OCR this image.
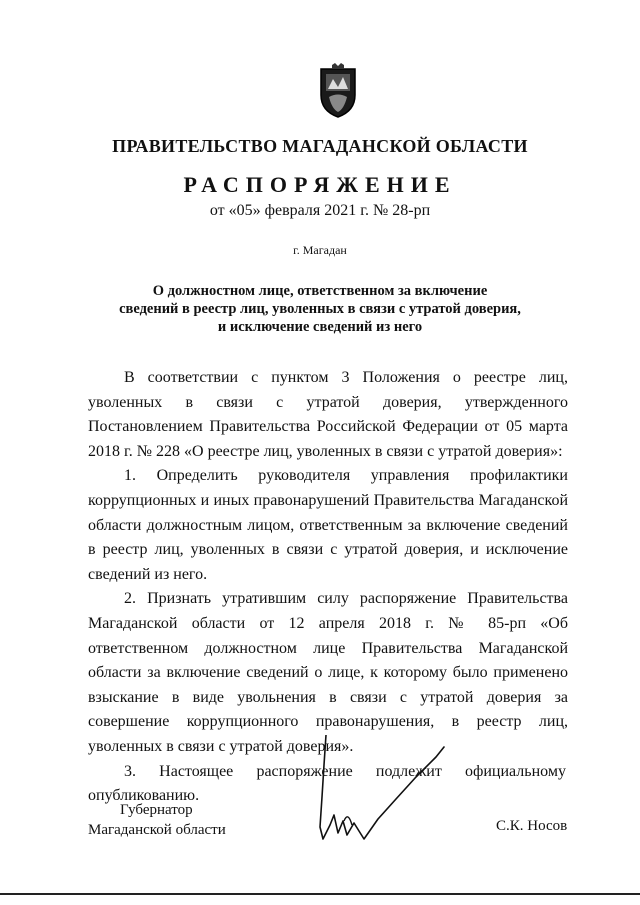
ПРАВИТЕЛЬСТВО МАГАДАНСКОЙ ОБЛАСТИ
РАСПОРЯЖЕНИЕ
от «05» февраля 2021 г. № 28-рп
г. Магадан
О должностном лице, ответственном за включение
сведений в реестр лиц, уволенных в связи с утратой доверия,
и исключение сведений из него

В соответствии с пунктом 3 Положения о реестре лиц, уволенных в связи с утратой доверия, утвержденного Постановлением Правительства Российской Федерации от 05 марта 2018 г. № 228 «О реестре лиц, уволенных в связи с утратой доверия»:

1. Определить руководителя управления профилактики коррупционных и иных правонарушений Правительства Магаданской области должностным лицом, ответственным за включение сведений в реестр лиц, уволенных в связи с утратой доверия, и исключение сведений из него.

2. Признать утратившим силу распоряжение Правительства Магаданской области от 12 апреля 2018 г. № 85-рп «Об ответственном должностном лице Правительства Магаданской области за включение сведений о лице, к которому было применено взыскание в виде увольнения в связи с утратой доверия за совершение коррупционного правонарушения, в реестр лиц, уволенных в связи с утратой доверия».

3. Настоящее распоряжение подлежит официальному
опубликованию.
Губернатор
Магаданской области	С.К. Носов
